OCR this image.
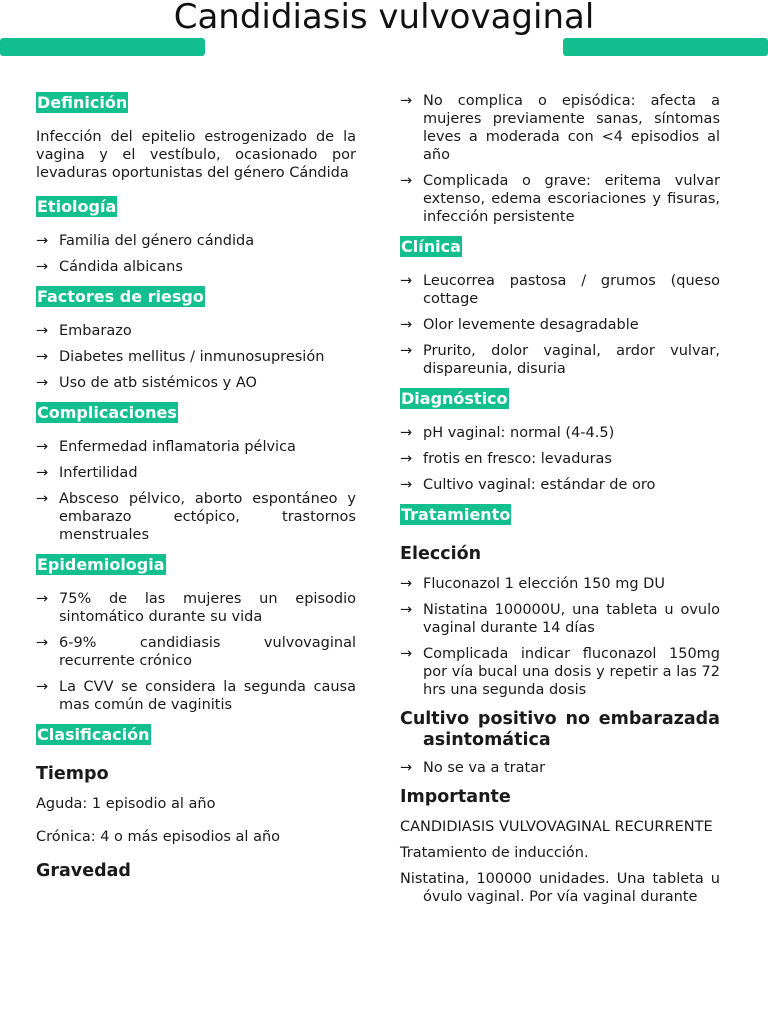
Candidiasis vulvovaginal
Definición

Infección del epitelio estrogenizado de la vagina y el vestíbulo, ocasionado por levaduras oportunistas del género Cándida

Etiología
→ Familia del género cándida
→ Cándida albicans
Factores de riesgo
→ Embarazo
→ Diabetes mellitus / inmunosupresión
→ Uso de atb sistémicos y AO
Complicaciones
→ Enfermedad inflamatoria pélvica
→ Infertilidad
→ Absceso pélvico, aborto espontáneo y embarazo ectópico, trastornos menstruales
Epidemiologia
→ 75% de las mujeres un episodio sintomático durante su vida
→ 6-9% candidiasis vulvovaginal recurrente crónico
→ La CVV se considera la segunda causa mas común de vaginitis
Clasificación
Tiempo
Aguda: 1 episodio al año
Crónica: 4 o más episodios al año
Gravedad
→ No complica o episódica: afecta a mujeres previamente sanas, síntomas leves a moderada con <4 episodios al año
→ Complicada o grave: eritema vulvar extenso, edema escoriaciones y fisuras, infección persistente
Clínica
→ Leucorrea pastosa / grumos (queso cottage
→ Olor levemente desagradable
→ Prurito, dolor vaginal, ardor vulvar, dispareunia, disuria
Diagnóstico
→ pH vaginal: normal (4-4.5)
→ frotis en fresco: levaduras
→ Cultivo vaginal: estándar de oro
Tratamiento
Elección
→ Fluconazol 1 elección 150 mg DU
→ Nistatina 100000U, una tableta u ovulo vaginal durante 14 días
→ Complicada indicar fluconazol 150mg por vía bucal una dosis y repetir a las 72 hrs una segunda dosis
Cultivo positivo no embarazada asintomática
→ No se va a tratar
Importante
CANDIDIASIS VULVOVAGINAL RECURRENTE
Tratamiento de inducción.
Nistatina, 100000 unidades. Una tableta u óvulo vaginal. Por vía vaginal durante
